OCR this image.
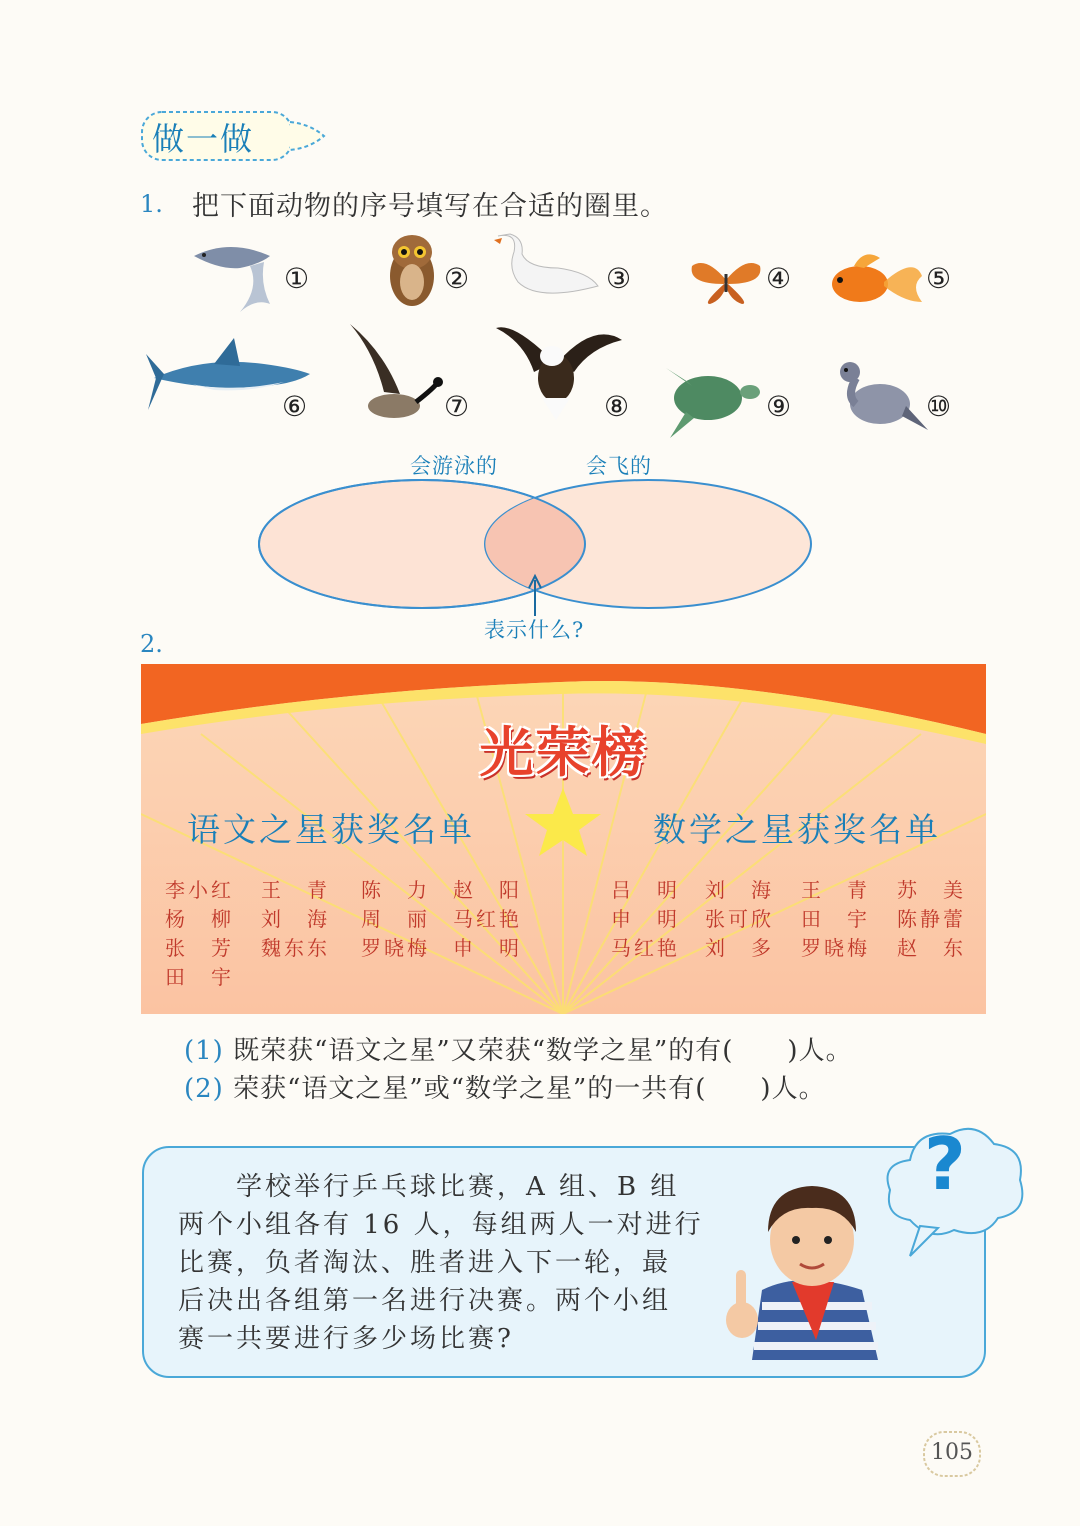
做一做
1. 把下面动物的序号填写在合适的圈里。
①	②	③	④	⑤
⑥	⑦	⑧	⑨	⑩
会游泳的	会飞的
表示什么?
2.
光荣榜
语文之星获奖名单	数学之星获奖名单
李小红 王　青 陈　力 赵　阳
杨　柳 刘　海 周　丽 马红艳
张　芳 魏东东 罗晓梅 申　明
田　宇
吕　明 刘　海 王　青 苏　美
申　明 张可欣 田　宇 陈静蕾
马红艳 刘　多 罗晓梅 赵　东
(1) 既荣获“语文之星”又荣获“数学之星”的有(　　)人。
(2) 荣获“语文之星”或“数学之星”的一共有(　　)人。
　　学校举行乒乓球比赛，A 组、B 组
两个小组各有 16 人，每组两人一对进行
比赛，负者淘汰、胜者进入下一轮，最
后决出各组第一名进行决赛。两个小组
赛一共要进行多少场比赛?
?
105
